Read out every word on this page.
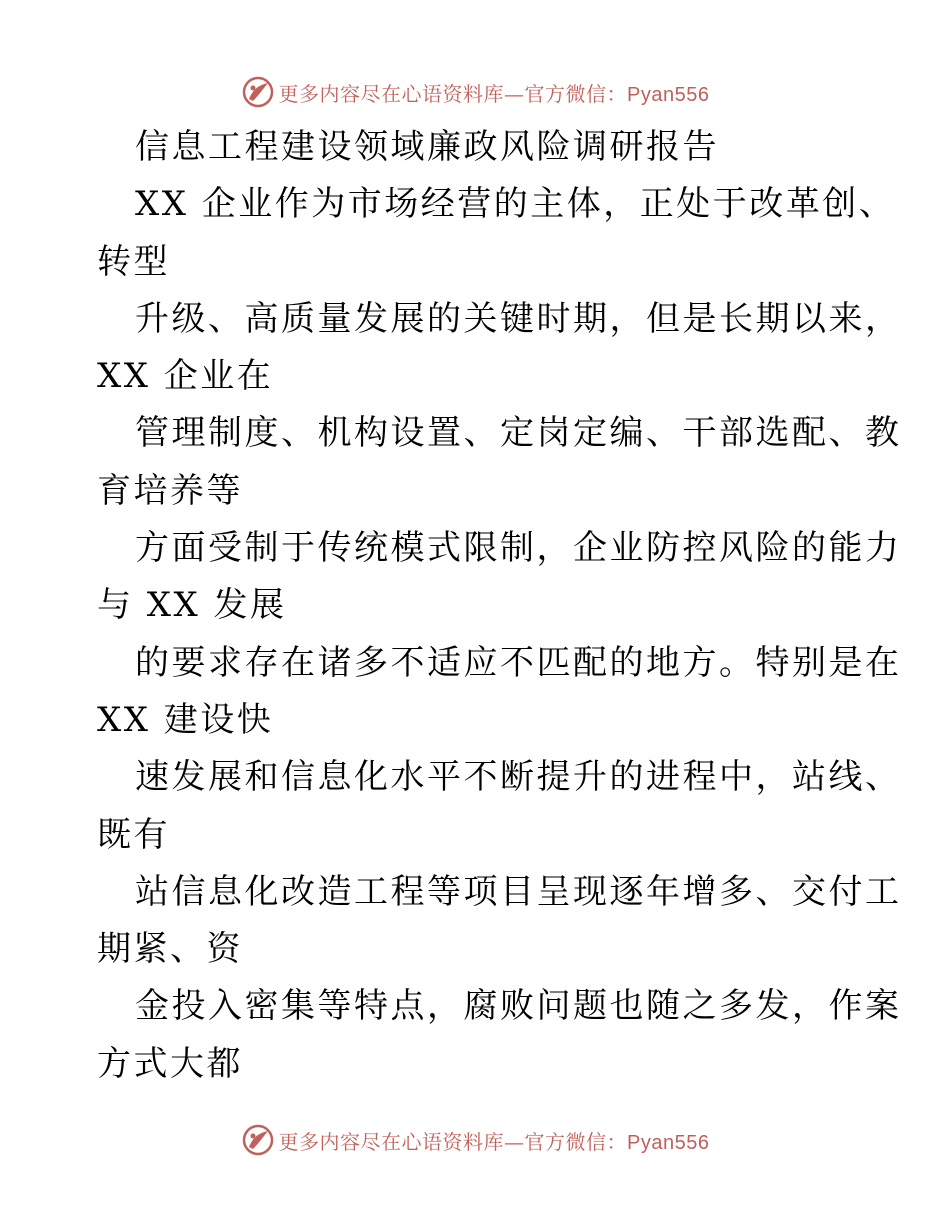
更多内容尽在心语资料库—官方微信：Pyan556
信息工程建设领域廉政风险调研报告
XX 企业作为市场经营的主体，正处于改革创、
转型
升级、高质量发展的关键时期，但是长期以来，
XX 企业在
管理制度、机构设置、定岗定编、干部选配、教
育培养等
方面受制于传统模式限制，企业防控风险的能力
与 XX 发展
的要求存在诸多不适应不匹配的地方。特别是在
XX 建设快
速发展和信息化水平不断提升的进程中，站线、
既有
站信息化改造工程等项目呈现逐年增多、交付工
期紧、资
金投入密集等特点，腐败问题也随之多发，作案
方式大都
更多内容尽在心语资料库—官方微信：Pyan556
